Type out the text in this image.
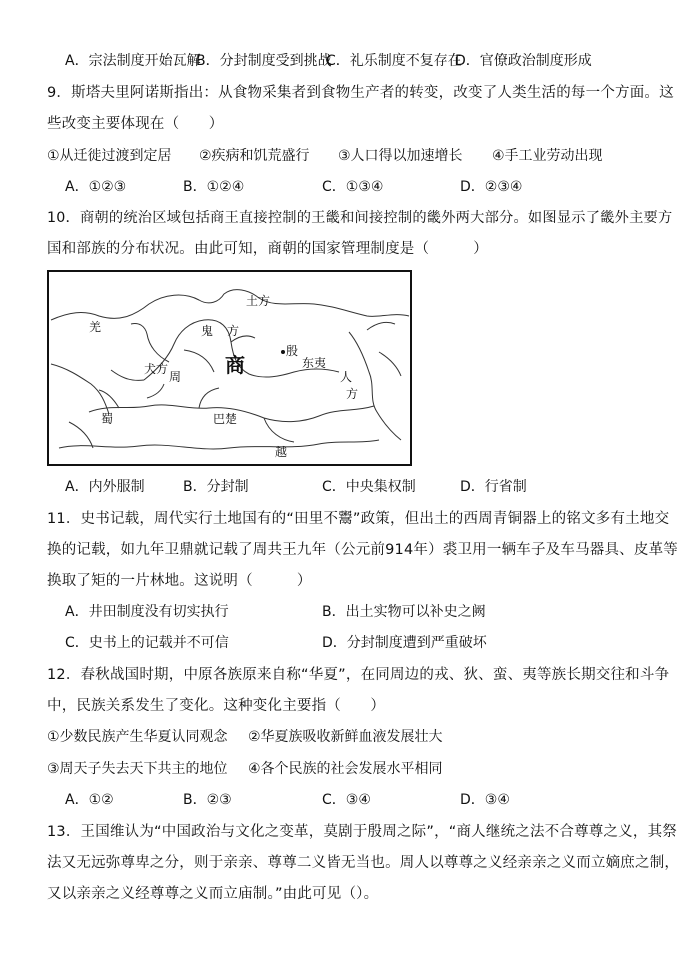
A．宗法制度开始瓦解
B．分封制度受到挑战
C．礼乐制度不复存在
D．官僚政治制度形成
9．斯塔夫里阿诺斯指出：从食物采集者到食物生产者的转变，改变了人类生活的每一个方面。这
些改变主要体现在（　　）
①从迁徙过渡到定居 ②疾病和饥荒盛行 ③人口得以加速增长 ④手工业劳动出现
A．①②③	B．①②④	C．①③④	D．②③④
10．商朝的统治区域包括商王直接控制的王畿和间接控制的畿外两大部分。如图显示了畿外主要方
国和部族的分布状况。由此可知，商朝的国家管理制度是（　　　）
土方
羌	鬼 方
殷
犬方	商	东夷
周	人
方
蜀	巴楚
越
A．内外服制	B．分封制	C．中央集权制	D．行省制
11．史书记载，周代实行土地国有的“田里不鬻”政策，但出土的西周青铜器上的铭文多有土地交
换的记载，如九年卫鼎就记载了周共王九年（公元前914年）裘卫用一辆车子及车马器具、皮革等
换取了矩的一片林地。这说明（　　　）
A．井田制度没有切实执行	B．出土实物可以补史之阙
C．史书上的记载并不可信	D．分封制度遭到严重破坏
12．春秋战国时期，中原各族原来自称“华夏”，在同周边的戎、狄、蛮、夷等族长期交往和斗争
中，民族关系发生了变化。这种变化主要指（　　）
①少数民族产生华夏认同观念 ②华夏族吸收新鲜血液发展壮大
③周天子失去天下共主的地位 ④各个民族的社会发展水平相同
A．①②	B．②③	C．③④	D．③④
13．王国维认为“中国政治与文化之变革，莫剧于殷周之际”，“商人继统之法不合尊尊之义，其祭
法又无远弥尊卑之分，则于亲亲、尊尊二义皆无当也。周人以尊尊之义经亲亲之义而立嫡庶之制，
又以亲亲之义经尊尊之义而立庙制。”由此可见（）。
